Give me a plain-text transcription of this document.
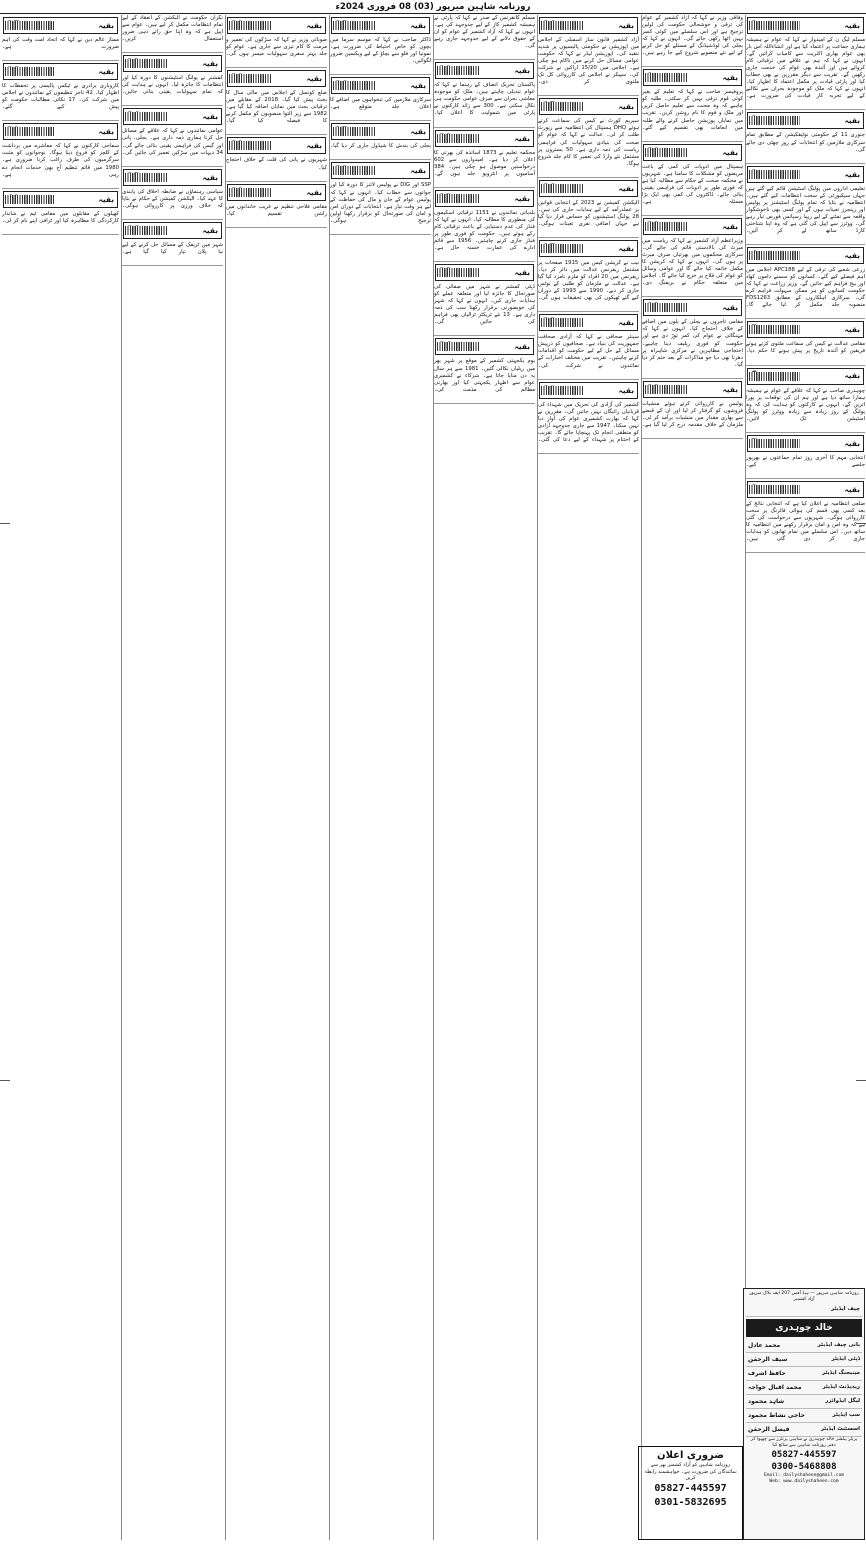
روزنامہ شاہین میرپور (03) 08 فروری 2024ء
بقیہ
مسلم لیگ ن کے امیدوار نے کہا کہ عوام نے ہمیشہ ہماری جماعت پر اعتماد کیا ہے اور انشاءاللہ اس بار بھی عوام بھاری اکثریت سے کامیاب کرائیں گے۔ انہوں نے کہا کہ ہم نے علاقے میں ترقیاتی کام کروائے ہیں اور آئندہ بھی عوام کی خدمت جاری رکھیں گے۔ تقریب سے دیگر مقررین نے بھی خطاب کیا اور پارٹی قیادت پر مکمل اعتماد کا اظہار کیا۔ انہوں نے کہا کہ ملک کو موجودہ بحران سے نکالنے کے لیے تجربہ کار قیادت کی ضرورت ہے۔
بقیہ
جنوری 11 کے حکومتی نوٹیفکیشن کے مطابق تمام سرکاری ملازمین کو انتخابات کے روز چھٹی دی جائے گی۔
بقیہ
تعلیمی اداروں میں پولنگ اسٹیشن قائم کیے گئے ہیں جہاں سیکیورٹی کے سخت انتظامات کیے گئے ہیں۔ انتظامیہ نے بتایا کہ تمام پولنگ اسٹیشنز پر پولیس اور رینجرز تعینات ہوں گے اور کسی بھی ناخوشگوار واقعہ سے نمٹنے کے لیے ریپڈ رسپانس فورس تیار رہے گی۔ ووٹرز سے اپیل کی گئی ہے کہ وہ اپنا شناختی کارڈ ساتھ لے کر آئیں۔
بقیہ
زرعی شعبے کی ترقی کے لیے APC188 اجلاس میں اہم فیصلے کیے گئے۔ کسانوں کو سستے داموں کھاد اور بیج فراہم کیے جائیں گے۔ وزیر زراعت نے کہا کہ حکومت کسانوں کو ہر ممکن سہولت فراہم کرے گی۔ سرکاری اہلکاروں کے مطابق FDS1263 منصوبہ جلد مکمل کر لیا جائے گا۔
بقیہ
مقامی عدالت نے کیس کی سماعت ملتوی کرتے ہوئے فریقین کو آئندہ تاریخ پر پیش ہونے کا حکم دیا۔
بقیہ
چوہدری صاحب نے کہا کہ علاقے کے عوام نے ہمیشہ ہمارا ساتھ دیا ہے اور ہم ان کی توقعات پر پورا اتریں گے۔ انہوں نے کارکنوں کو ہدایت کی کہ وہ پولنگ کے روز زیادہ سے زیادہ ووٹرز کو پولنگ اسٹیشن تک لائیں۔
بقیہ
انتخابی مہم کا آخری روز تمام جماعتوں نے بھرپور جلسے کیے۔
بقیہ
ضلعی انتظامیہ نے اعلان کیا ہے کہ انتخابی نتائج کے بعد کسی بھی قسم کی ہوائی فائرنگ پر سخت کارروائی ہوگی۔ شہریوں سے درخواست کی گئی ہے کہ وہ امن و امان برقرار رکھنے میں انتظامیہ کا ساتھ دیں۔ اس سلسلے میں تمام تھانوں کو ہدایات جاری کر دی گئی ہیں۔
وفاقی وزیر نے کہا کہ آزاد کشمیر کے عوام کی ترقی و خوشحالی حکومت کی اولین ترجیح ہے اور اس سلسلے میں کوئی کسر نہیں اٹھا رکھی جائے گی۔ انہوں نے کہا کہ بجلی کی لوڈشیڈنگ کے مسئلے کو حل کرنے کے لیے نئے منصوبے شروع کیے جا رہے ہیں۔
بقیہ
پروفیسر صاحب نے کہا کہ تعلیم کے بغیر کوئی قوم ترقی نہیں کر سکتی۔ طلبہ کو چاہیے کہ وہ محنت سے تعلیم حاصل کریں اور ملک و قوم کا نام روشن کریں۔ تقریب میں نمایاں پوزیشن حاصل کرنے والے طلبہ میں انعامات بھی تقسیم کیے گئے۔
بقیہ
ہسپتال میں ادویات کی کمی کے باعث مریضوں کو مشکلات کا سامنا ہے۔ شہریوں نے محکمہ صحت کے حکام سے مطالبہ کیا ہے کہ فوری طور پر ادویات کی فراہمی یقینی بنائی جائے۔ ڈاکٹروں کی کمی بھی ایک بڑا مسئلہ ہے۔
بقیہ
وزیراعظم آزاد کشمیر نے کہا کہ ریاست میں میرٹ کی بالادستی قائم کی جائے گی۔ سرکاری محکموں میں بھرتیاں صرف میرٹ پر ہوں گی۔ انہوں نے کہا کہ کرپشن کا مکمل خاتمہ کیا جائے گا اور عوامی وسائل کو عوام کی فلاح پر خرچ کیا جائے گا۔ اجلاس میں متعلقہ حکام نے بریفنگ دی۔
بقیہ
مقامی تاجروں نے بجلی کے بلوں میں اضافے کے خلاف احتجاج کیا۔ انہوں نے کہا کہ مہنگائی نے عوام کی کمر توڑ دی ہے اور حکومت کو فوری ریلیف دینا چاہیے۔ احتجاجی مظاہرین نے مرکزی شاہراہ پر دھرنا بھی دیا جو مذاکرات کے بعد ختم کر دیا گیا۔
بقیہ
پولیس نے کارروائی کرتے ہوئے منشیات فروشوں کو گرفتار کر لیا اور ان کے قبضے سے بھاری مقدار میں منشیات برآمد کر لی۔ ملزمان کے خلاف مقدمہ درج کر لیا گیا ہے۔
بقیہ
آزاد کشمیر قانون ساز اسمبلی کے اجلاس میں اپوزیشن نے حکومتی پالیسیوں پر شدید تنقید کی۔ اپوزیشن لیڈر نے کہا کہ حکومت عوامی مسائل حل کرنے میں ناکام ہو چکی ہے۔ اجلاس میں 15/20 اراکین نے شرکت کی۔ سپیکر نے اجلاس کی کارروائی کل تک ملتوی کر دی۔
بقیہ
سپریم کورٹ نے کیس کی سماعت کرتے ہوئے DHQ ہسپتال کی انتظامیہ سے رپورٹ طلب کر لی۔ عدالت نے کہا کہ عوام کو صحت کی بنیادی سہولیات کی فراہمی ریاست کی ذمہ داری ہے۔ 50 بستروں پر مشتمل نئے وارڈ کی تعمیر کا کام جلد شروع ہوگا۔
بقیہ
الیکشن کمیشن نے 2023 کے انتخابی قوانین پر عملدرآمد کے لیے ہدایات جاری کی ہیں۔ 28 پولنگ اسٹیشنوں کو حساس قرار دیا گیا ہے جہاں اضافی نفری تعینات ہوگی۔
بقیہ
نیب نے کرپشن کیس میں 1915 صفحات پر مشتمل ریفرنس عدالت میں دائر کر دیا۔ ریفرنس میں 20 افراد کو ملزم نامزد کیا گیا ہے۔ عدالت نے ملزمان کو طلبی کے نوٹس جاری کر دیے۔ 1990 سے 1993 کے دوران کیے گئے ٹھیکوں کی بھی تحقیقات ہوں گی۔
بقیہ
سینئر صحافی نے کہا کہ آزادی صحافت جمہوریت کی بنیاد ہے۔ صحافیوں کو درپیش مسائل کے حل کے لیے حکومت کو اقدامات کرنے چاہئیں۔ تقریب میں مختلف اخبارات کے نمائندوں نے شرکت کی۔
بقیہ
کشمیر کی آزادی کی تحریک میں شہداء کی قربانیاں رائیگاں نہیں جائیں گی۔ مقررین نے کہا کہ بھارت کشمیری عوام کی آواز دبا نہیں سکتا۔ 1947 سے جاری جدوجہد آزادی کو منطقی انجام تک پہنچایا جائے گا۔ تقریب کے اختتام پر شہداء کے لیے دعا کی گئی۔
مسلم کانفرنس کے صدر نے کہا کہ پارٹی نے ہمیشہ کشمیر کاز کے لیے جدوجہد کی ہے۔ انہوں نے کہا کہ آزاد کشمیر کے عوام کو ان کے حقوق دلانے کے لیے جدوجہد جاری رہے گی۔
بقیہ
پاکستان تحریک انصاف کے رہنما نے کہا کہ عوام تبدیلی چاہتے ہیں۔ ملک کو موجودہ معاشی بحران سے صرف عوامی حکومت ہی نکال سکتی ہے۔ 300 سے زائد کارکنوں نے پارٹی میں شمولیت کا اعلان کیا۔
بقیہ
محکمہ تعلیم نے 1873 اساتذہ کی بھرتی کا اعلان کر دیا ہے۔ امیدواروں سے 602 درخواستیں موصول ہو چکی ہیں۔ 384 آسامیوں پر انٹرویو جلد ہوں گے۔
بقیہ
بلدیاتی نمائندوں نے 1151 ترقیاتی اسکیموں کی منظوری کا مطالبہ کیا۔ انہوں نے کہا کہ فنڈز کی عدم دستیابی کے باعث ترقیاتی کام رکے ہوئے ہیں۔ حکومت کو فوری طور پر فنڈز جاری کرنے چاہئیں۔ 1956 سے قائم ادارے کی عمارت خستہ حال ہے۔
بقیہ
ڈپٹی کمشنر نے شہر میں صفائی کی صورتحال کا جائزہ لیا اور متعلقہ عملے کو ہدایات جاری کیں۔ انہوں نے کہا کہ شہر کی خوبصورتی برقرار رکھنا سب کی ذمہ داری ہے۔ 13 نئے ٹریکٹر ٹرالیاں بھی فراہم کی جائیں گی۔
بقیہ
یوم یکجہتی کشمیر کے موقع پر شہر بھر میں ریلیاں نکالی گئیں۔ 1981 سے ہر سال یہ دن منایا جاتا ہے۔ شرکاء نے کشمیری عوام سے اظہار یکجہتی کیا اور بھارتی مظالم کی مذمت کی۔
بقیہ
ڈاکٹر صاحب نے کہا کہ موسم سرما میں بچوں کو خاص احتیاط کی ضرورت ہے۔ نمونیا اور فلو سے بچاؤ کے لیے ویکسین ضرور لگوائیں۔
بقیہ
سرکاری ملازمین کی تنخواہوں میں اضافے کا اعلان جلد متوقع ہے۔
بقیہ
بجلی کی بندش کا شیڈول جاری کر دیا گیا۔
بقیہ
SSP اور DIG نے پولیس لائنز کا دورہ کیا اور جوانوں سے خطاب کیا۔ انہوں نے کہا کہ پولیس عوام کے جان و مال کی حفاظت کے لیے ہر وقت تیار ہے۔ انتخابات کے دوران امن و امان کی صورتحال کو برقرار رکھنا اولین ترجیح ہوگی۔
بقیہ
صوبائی وزیر نے کہا کہ سڑکوں کی تعمیر و مرمت کا کام تیزی سے جاری ہے۔ عوام کو جلد بہتر سفری سہولیات میسر ہوں گی۔
بقیہ
ضلع کونسل کے اجلاس میں مالی سال کا بجٹ پیش کیا گیا۔ 2018 کے مقابلے میں ترقیاتی بجٹ میں نمایاں اضافہ کیا گیا ہے۔ 1982 سے زیر التوا منصوبوں کو مکمل کرنے کا فیصلہ کیا گیا۔
بقیہ
شہریوں نے پانی کی قلت کے خلاف احتجاج کیا۔
بقیہ
مقامی فلاحی تنظیم نے غریب خاندانوں میں راشن تقسیم کیا۔
نگران حکومت نے الیکشن کے انعقاد کے لیے تمام انتظامات مکمل کر لیے ہیں۔ عوام سے اپیل ہے کہ وہ اپنا حق رائے دہی ضرور استعمال کریں۔
بقیہ
کمشنر نے پولنگ اسٹیشنوں کا دورہ کیا اور انتظامات کا جائزہ لیا۔ انہوں نے ہدایت کی کہ تمام سہولیات یقینی بنائی جائیں۔
بقیہ
عوامی نمائندوں نے کہا کہ علاقے کے مسائل حل کرنا ہماری ذمہ داری ہے۔ بجلی، پانی اور گیس کی فراہمی یقینی بنائی جائے گی۔ 34 دیہات میں سڑکیں تعمیر کی جائیں گی۔
بقیہ
سیاسی رہنماؤں نے ضابطہ اخلاق کی پابندی کا عہد کیا۔ الیکشن کمیشن کے حکام نے بتایا کہ خلاف ورزی پر کارروائی ہوگی۔
بقیہ
شہر میں ٹریفک کے مسائل حل کرنے کے لیے نیا پلان تیار کیا گیا ہے۔
بقیہ
ممتاز عالم دین نے کہا کہ اتحاد امت وقت کی اہم ضرورت ہے۔
بقیہ
کاروباری برادری نے ٹیکس پالیسی پر تحفظات کا اظہار کیا۔ 42 تاجر تنظیموں کے نمائندوں نے اجلاس میں شرکت کی۔ 17 نکاتی مطالبات حکومت کو پیش کیے گئے۔
بقیہ
سماجی کارکنوں نے کہا کہ معاشرے میں برداشت کے کلچر کو فروغ دینا ہوگا۔ نوجوانوں کو مثبت سرگرمیوں کی طرف راغب کرنا ضروری ہے۔ 1980 میں قائم تنظیم آج بھی خدمات انجام دے رہی ہے۔
بقیہ
کھیلوں کے مقابلوں میں مقامی ٹیم نے شاندار کارکردگی کا مظاہرہ کیا اور ٹرافی اپنے نام کر لی۔
ضروری اعلان
روزنامہ شاہین کو آزاد کشمیر بھر سے نمائندگان کی ضرورت ہے۔ خواہشمند رابطہ کریں
05827-445597
0301-5832695
روزنامہ شاہین میرپور — ہیڈ آفس 207 ایف بلاک میرپور آزاد کشمیر
چیف ایڈیٹر
خالد چوہدری
بانی چیف ایڈیٹر
محمد عادل
ڈپٹی ایڈیٹر
سیف الرحمٰن
مینیجنگ ایڈیٹر
حافظ اشرف
ریذیڈنٹ ایڈیٹر
محمد اقبال خواجہ
لیگل ایڈوائزر
شاہد محمود
سب ایڈیٹر
حاجی نشاط محمود
اسسٹنٹ ایڈیٹر
فیصل الرحمٰن
پرنٹر پبلشر خالد چوہدری نے شاہین پرنٹرز سے چھپوا کر دفتر روزنامہ شاہین سے شائع کیا
05827-445597
0300-5468808
Email: dailyshaheen@gmail.com
Web: www.dailyshaheen.com
